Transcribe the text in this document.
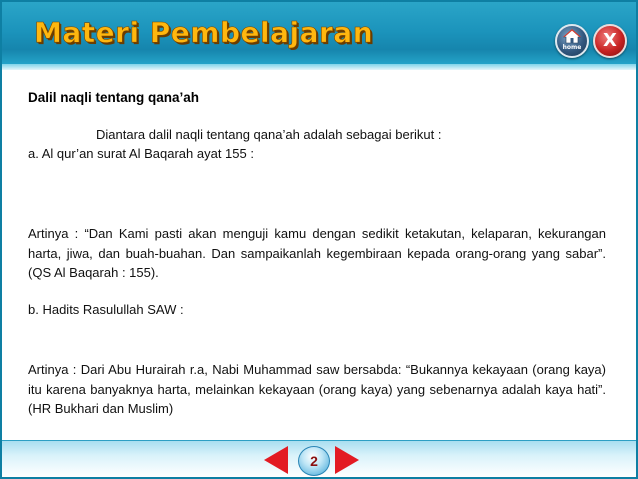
Materi Pembelajaran	home	X
Dalil naqli tentang qana’ah
Diantara dalil naqli tentang qana’ah adalah sebagai berikut :
a. Al qur’an surat Al Baqarah ayat 155 :
Artinya : “Dan Kami pasti akan menguji kamu dengan sedikit ketakutan, kelaparan, kekurangan harta, jiwa, dan buah-buahan. Dan sampaikanlah kegembiraan kepada orang-orang yang sabar”. (QS Al Baqarah : 155).
b. Hadits Rasulullah SAW :
Artinya : Dari Abu Hurairah r.a, Nabi Muhammad saw bersabda: “Bukannya kekayaan (orang kaya) itu karena banyaknya harta, melainkan kekayaan (orang kaya) yang sebenarnya adalah kaya hati”. (HR Bukhari dan Muslim)
2
